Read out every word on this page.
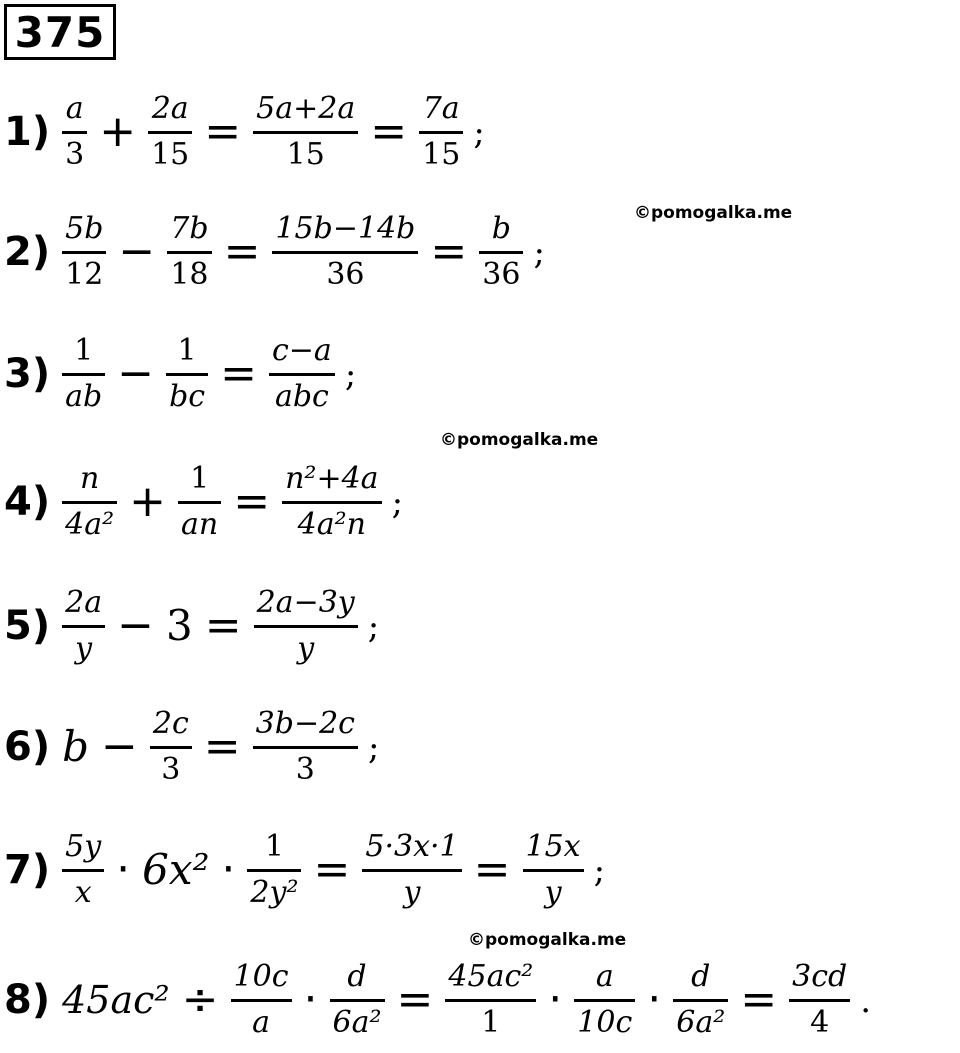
375
$1) \frac{a}{3} + \frac{2a}{15} = \frac{5a+2a}{15} = \frac{7a}{15}$ ;
©pomogalka.me
$2) \frac{5b}{12} - \frac{7b}{18} = \frac{15b-14b}{36} = \frac{b}{36}$ ;
$3) \frac{1}{ab} - \frac{1}{bc} = \frac{c-a}{\text{abc}}$ ;
©pomogalka.me
$4) \frac{n}{\text{4a²}} + \frac{1}{an} = \frac{\text{n²+4a}}{\text{4a²n}}$ ;
$5) \frac{2a}{y} - 3 = \frac{2a-3y}{y}$ ;
6) $b - \frac{2c}{3} = \frac{3b-2c}{3}$ ;
$7) \frac{5y}{x} \cdot 6x^2 \cdot \frac{1}{\text{2y²}} = \frac{5\cdot 3x\cdot 1}{y} = \frac{15x}{y}$ ;
©pomogalka.me
8) $45ac^2 \div \frac{10c}{a} \cdot \frac{d}{\text{6a²}} = \frac{\text{45ac²}}{1} \cdot \frac{a}{10c} \cdot \frac{d}{\text{6a²}} = \frac{3cd}{4}$ .
